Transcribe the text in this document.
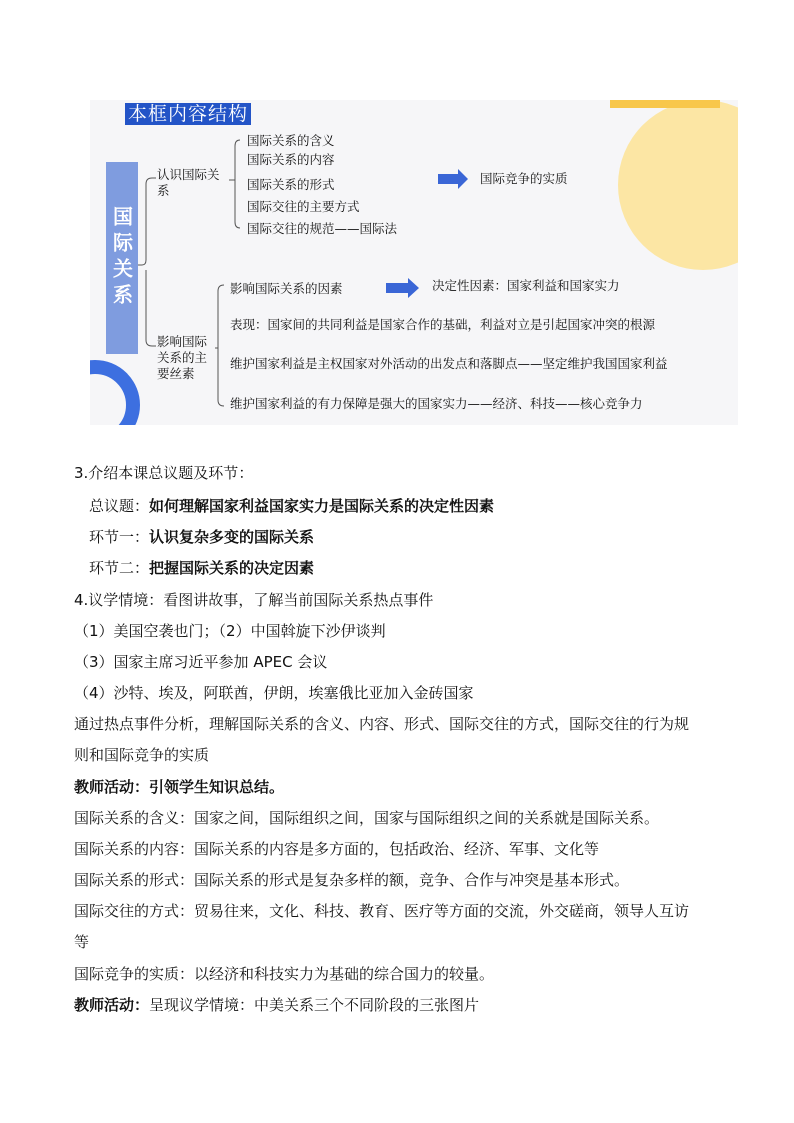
本框内容结构
国际关系
认识国际关系
国际关系的含义
国际关系的内容
国际关系的形式
国际交往的主要方式
国际交往的规范——国际法
国际竞争的实质
影响国际关系的主要丝素
影响国际关系的因素	决定性因素：国家利益和国家实力
表现：国家间的共同利益是国家合作的基础，利益对立是引起国家冲突的根源
维护国家利益是主权国家对外活动的出发点和落脚点——坚定维护我国国家利益
维护国家利益的有力保障是强大的国家实力——经济、科技——核心竞争力
3.介绍本课总议题及环节：
总议题：如何理解国家利益国家实力是国际关系的决定性因素
环节一：认识复杂多变的国际关系
环节二：把握国际关系的决定因素
4.议学情境：看图讲故事，了解当前国际关系热点事件
（1）美国空袭也门；（2）中国斡旋下沙伊谈判
（3）国家主席习近平参加 APEC 会议
（4）沙特、埃及，阿联酋，伊朗，埃塞俄比亚加入金砖国家
通过热点事件分析，理解国际关系的含义、内容、形式、国际交往的方式，国际交往的行为规
则和国际竞争的实质
教师活动：引领学生知识总结。
国际关系的含义：国家之间，国际组织之间，国家与国际组织之间的关系就是国际关系。
国际关系的内容：国际关系的内容是多方面的，包括政治、经济、军事、文化等
国际关系的形式：国际关系的形式是复杂多样的额，竞争、合作与冲突是基本形式。
国际交往的方式：贸易往来，文化、科技、教育、医疗等方面的交流，外交磋商，领导人互访
等
国际竞争的实质：以经济和科技实力为基础的综合国力的较量。
教师活动：呈现议学情境：中美关系三个不同阶段的三张图片
